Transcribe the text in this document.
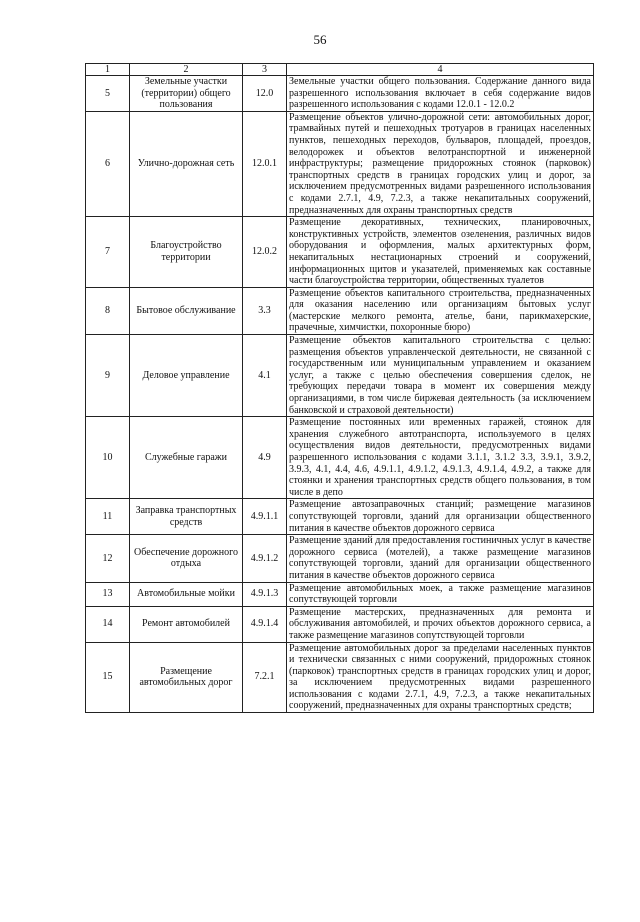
56
1	2	3	4
5	Земельные участки (территории) общего пользования	12.0	Земельные участки общего пользования. Содержание данного вида разрешенного использования включает в себя содержание видов разрешенного использования с кодами 12.0.1 - 12.0.2
6	Улично-дорожная сеть	12.0.1	Размещение объектов улично-дорожной сети: автомобильных дорог, трамвайных путей и пешеходных тротуаров в границах населенных пунктов, пешеходных переходов, бульваров, площадей, проездов, велодорожек и объектов велотранспортной и инженерной инфраструктуры; размещение придорожных стоянок (парковок) транспортных средств в границах городских улиц и дорог, за исключением предусмотренных видами разрешенного использования с кодами 2.7.1, 4.9, 7.2.3, а также некапитальных сооружений, предназначенных для охраны транспортных средств
7	Благоустройство территории	12.0.2	Размещение декоративных, технических, планировочных, конструктивных устройств, элементов озеленения, различных видов оборудования и оформления, малых архитектурных форм, некапитальных нестационарных строений и сооружений, информационных щитов и указателей, применяемых как составные части благоустройства территории, общественных туалетов
8	Бытовое обслуживание	3.3	Размещение объектов капитального строительства, предназначенных для оказания населению или организациям бытовых услуг (мастерские мелкого ремонта, ателье, бани, парикмахерские, прачечные, химчистки, похоронные бюро)
9	Деловое управление	4.1	Размещение объектов капитального строительства с целью: размещения объектов управленческой деятельности, не связанной с государственным или муниципальным управлением и оказанием услуг, а также с целью обеспечения совершения сделок, не требующих передачи товара в момент их совершения между организациями, в том числе биржевая деятельность (за исключением банковской и страховой деятельности)
10	Служебные гаражи	4.9	Размещение постоянных или временных гаражей, стоянок для хранения служебного автотранспорта, используемого в целях осуществления видов деятельности, предусмотренных видами разрешенного использования с кодами 3.1.1, 3.1.2 3.3, 3.9.1, 3.9.2, 3.9.3, 4.1, 4.4, 4.6, 4.9.1.1, 4.9.1.2, 4.9.1.3, 4.9.1.4, 4.9.2, а также для стоянки и хранения транспортных средств общего пользования, в том числе в депо
11	Заправка транспортных средств	4.9.1.1	Размещение автозаправочных станций; размещение магазинов сопутствующей торговли, зданий для организации общественного питания в качестве объектов дорожного сервиса
12	Обеспечение дорожного отдыха	4.9.1.2	Размещение зданий для предоставления гостиничных услуг в качестве дорожного сервиса (мотелей), а также размещение магазинов сопутствующей торговли, зданий для организации общественного питания в качестве объектов дорожного сервиса
13	Автомобильные мойки	4.9.1.3	Размещение автомобильных моек, а также размещение магазинов сопутствующей торговли
14	Ремонт автомобилей	4.9.1.4	Размещение мастерских, предназначенных для ремонта и обслуживания автомобилей, и прочих объектов дорожного сервиса, а также размещение магазинов сопутствующей торговли
15	Размещение автомобильных дорог	7.2.1	Размещение автомобильных дорог за пределами населенных пунктов и технически связанных с ними сооружений, придорожных стоянок (парковок) транспортных средств в границах городских улиц и дорог, за исключением предусмотренных видами разрешенного использования с кодами 2.7.1, 4.9, 7.2.3, а также некапитальных сооружений, предназначенных для охраны транспортных средств;
